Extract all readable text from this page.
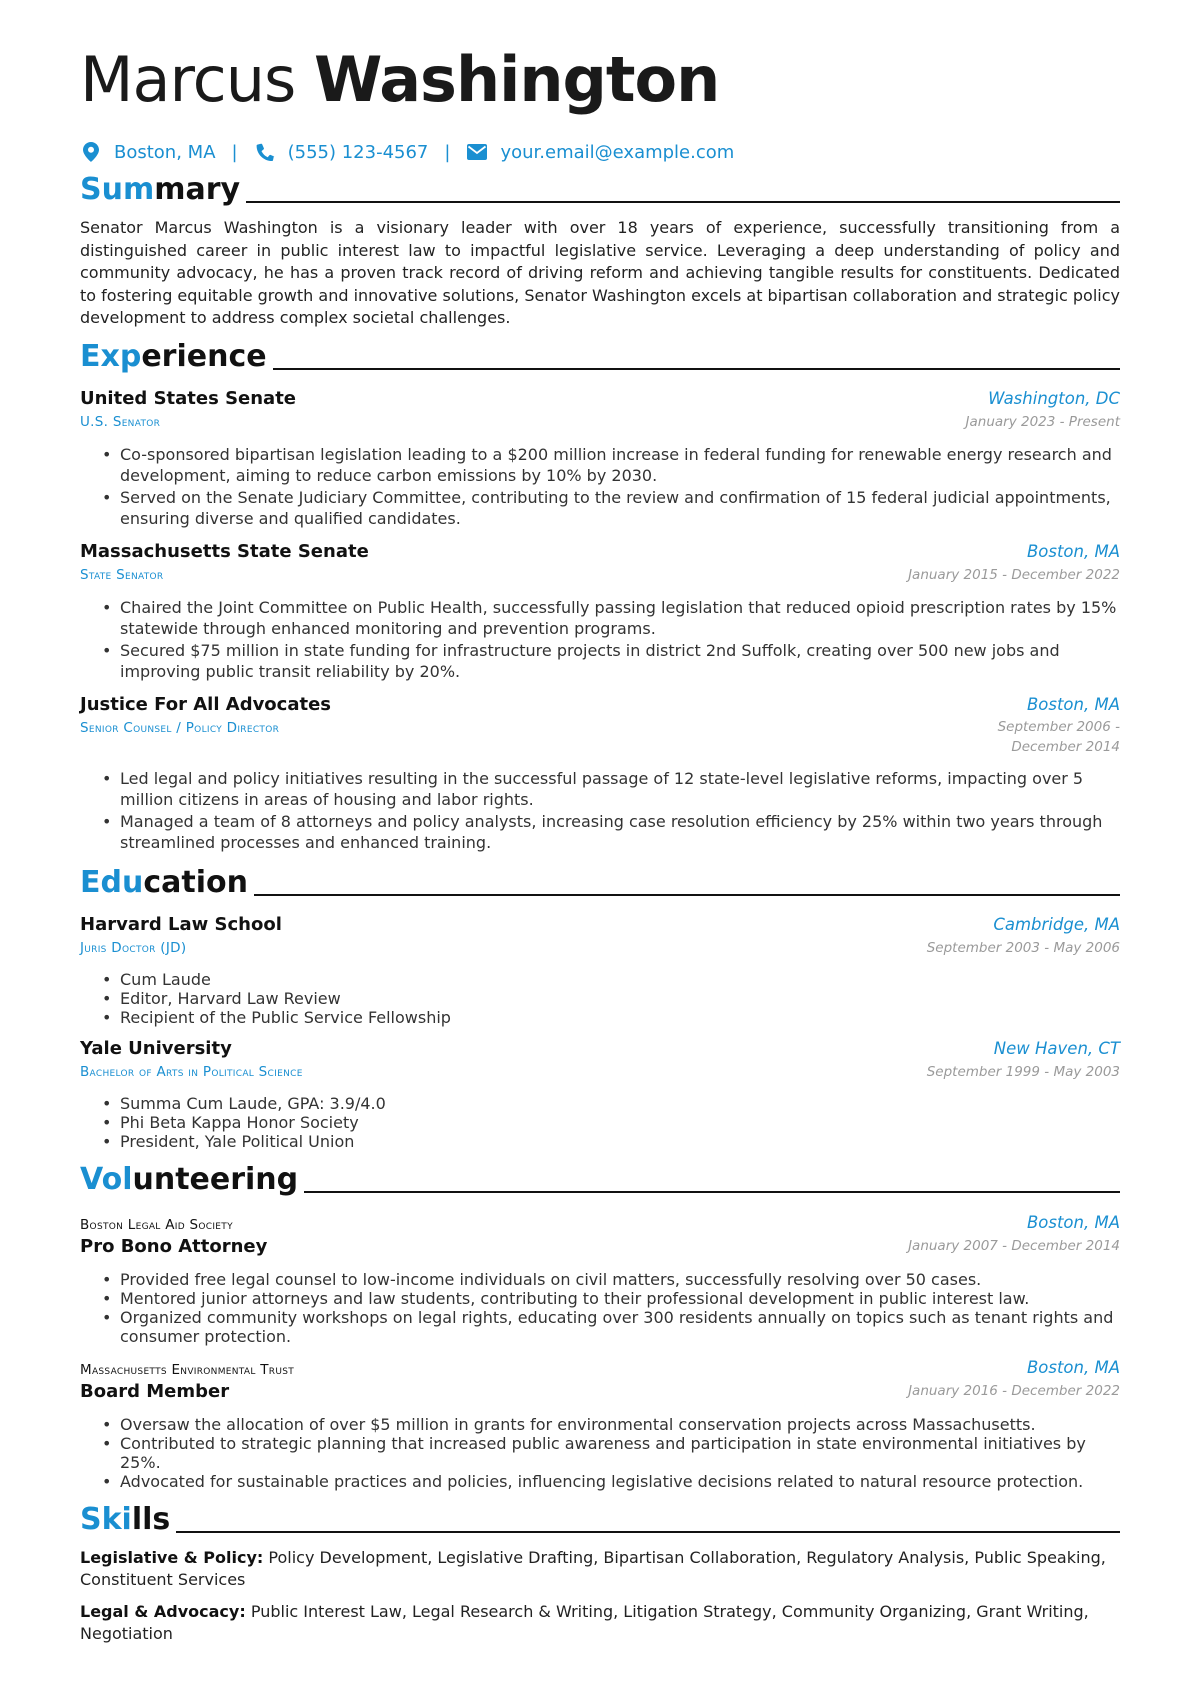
Marcus Washington
Boston, MA |	(555) 123-4567 |	your.email@example.com
Summary
Senator Marcus Washington is a visionary leader with over 18 years of experience, successfully transitioning from a distinguished career in public interest law to impactful legislative service. Leveraging a deep understanding of policy and community advocacy, he has a proven track record of driving reform and achieving tangible results for constituents. Dedicated to fostering equitable growth and innovative solutions, Senator Washington excels at bipartisan collaboration and strategic policy development to address complex societal challenges.
Experience
United States Senate	Washington, DC
U.S. Senator	January 2023 - Present
• Co-sponsored bipartisan legislation leading to a $200 million increase in federal funding for renewable energy research and development, aiming to reduce carbon emissions by 10% by 2030.
• Served on the Senate Judiciary Committee, contributing to the review and confirmation of 15 federal judicial appointments, ensuring diverse and qualified candidates.
Massachusetts State Senate	Boston, MA
State Senator	January 2015 - December 2022
• Chaired the Joint Committee on Public Health, successfully passing legislation that reduced opioid prescription rates by 15% statewide through enhanced monitoring and prevention programs.
• Secured $75 million in state funding for infrastructure projects in district 2nd Suffolk, creating over 500 new jobs and improving public transit reliability by 20%.
Justice For All Advocates	Boston, MA
Senior Counsel / Policy Director	September 2006 - December 2014
• Led legal and policy initiatives resulting in the successful passage of 12 state-level legislative reforms, impacting over 5 million citizens in areas of housing and labor rights.
• Managed a team of 8 attorneys and policy analysts, increasing case resolution efficiency by 25% within two years through streamlined processes and enhanced training.
Education
Harvard Law School	Cambridge, MA
Juris Doctor (JD)	September 2003 - May 2006
• Cum Laude
• Editor, Harvard Law Review
• Recipient of the Public Service Fellowship
Yale University	New Haven, CT
Bachelor of Arts in Political Science	September 1999 - May 2003
• Summa Cum Laude, GPA: 3.9/4.0
• Phi Beta Kappa Honor Society
• President, Yale Political Union
Volunteering
Boston Legal Aid Society	Boston, MA
Pro Bono Attorney	January 2007 - December 2014
• Provided free legal counsel to low-income individuals on civil matters, successfully resolving over 50 cases.
• Mentored junior attorneys and law students, contributing to their professional development in public interest law.
• Organized community workshops on legal rights, educating over 300 residents annually on topics such as tenant rights and consumer protection.
Massachusetts Environmental Trust	Boston, MA
Board Member	January 2016 - December 2022
• Oversaw the allocation of over $5 million in grants for environmental conservation projects across Massachusetts.
• Contributed to strategic planning that increased public awareness and participation in state environmental initiatives by 25%.
• Advocated for sustainable practices and policies, influencing legislative decisions related to natural resource protection.
Skills
Legislative & Policy: Policy Development, Legislative Drafting, Bipartisan Collaboration, Regulatory Analysis, Public Speaking, Constituent Services
Legal & Advocacy: Public Interest Law, Legal Research & Writing, Litigation Strategy, Community Organizing, Grant Writing, Negotiation
